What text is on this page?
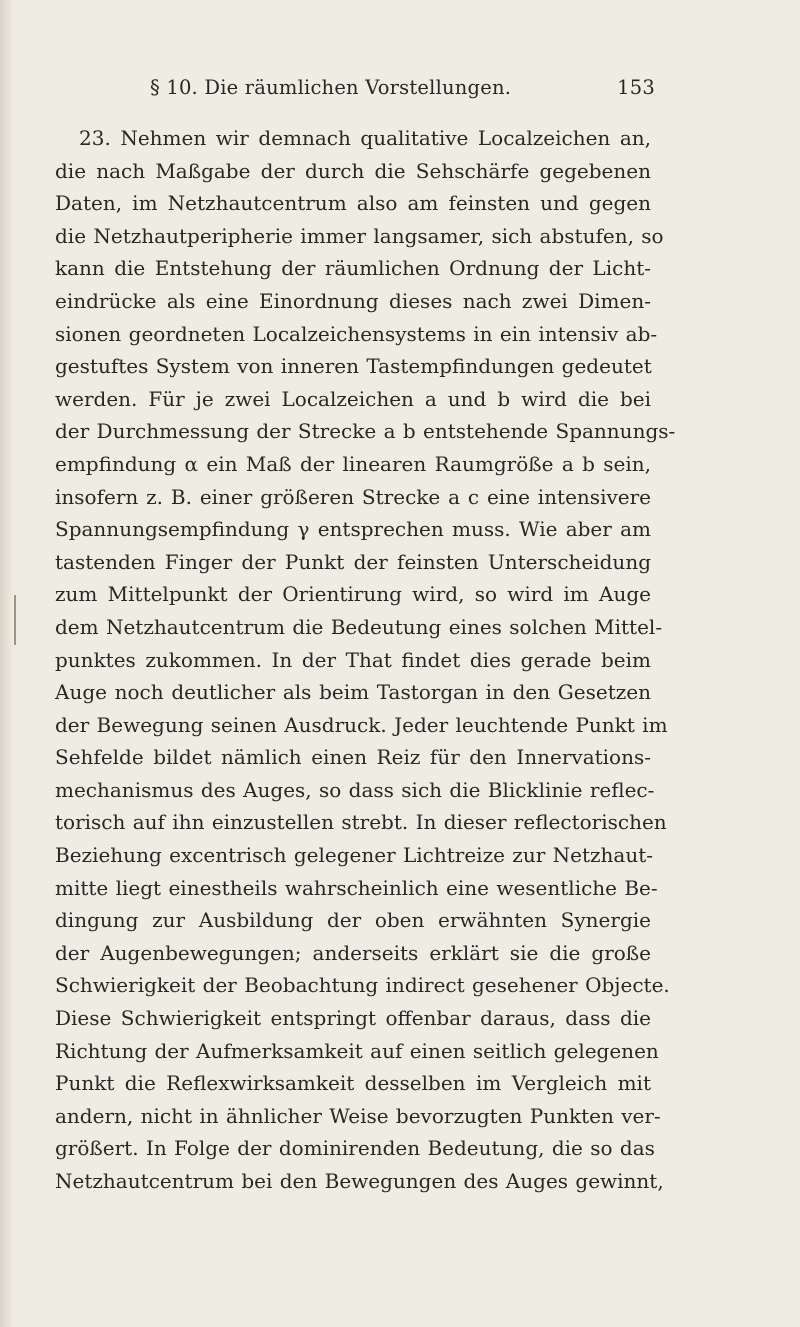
§ 10. Die räumlichen Vorstellungen.	153
23. Nehmen wir demnach qualitative Localzeichen an,
die nach Maßgabe der durch die Sehschärfe gegebenen
Daten, im Netzhautcentrum also am feinsten und gegen
die Netzhautperipherie immer langsamer, sich abstufen, so
kann die Entstehung der räumlichen Ordnung der Licht-
eindrücke als eine Einordnung dieses nach zwei Dimen-
sionen geordneten Localzeichensystems in ein intensiv ab-
gestuftes System von inneren Tastempfindungen gedeutet
werden. Für je zwei Localzeichen a und b wird die bei
der Durchmessung der Strecke a b entstehende Spannungs-
empfindung α ein Maß der linearen Raumgröße a b sein,
insofern z. B. einer größeren Strecke a c eine intensivere
Spannungsempfindung γ entsprechen muss. Wie aber am
tastenden Finger der Punkt der feinsten Unterscheidung
zum Mittelpunkt der Orientirung wird, so wird im Auge
dem Netzhautcentrum die Bedeutung eines solchen Mittel-
punktes zukommen. In der That findet dies gerade beim
Auge noch deutlicher als beim Tastorgan in den Gesetzen
der Bewegung seinen Ausdruck. Jeder leuchtende Punkt im
Sehfelde bildet nämlich einen Reiz für den Innervations-
mechanismus des Auges, so dass sich die Blicklinie reflec-
torisch auf ihn einzustellen strebt. In dieser reflectorischen
Beziehung excentrisch gelegener Lichtreize zur Netzhaut-
mitte liegt einestheils wahrscheinlich eine wesentliche Be-
dingung zur Ausbildung der oben erwähnten Synergie
der Augenbewegungen; anderseits erklärt sie die große
Schwierigkeit der Beobachtung indirect gesehener Objecte.
Diese Schwierigkeit entspringt offenbar daraus, dass die
Richtung der Aufmerksamkeit auf einen seitlich gelegenen
Punkt die Reflexwirksamkeit desselben im Vergleich mit
andern, nicht in ähnlicher Weise bevorzugten Punkten ver-
größert. In Folge der dominirenden Bedeutung, die so das
Netzhautcentrum bei den Bewegungen des Auges gewinnt,
